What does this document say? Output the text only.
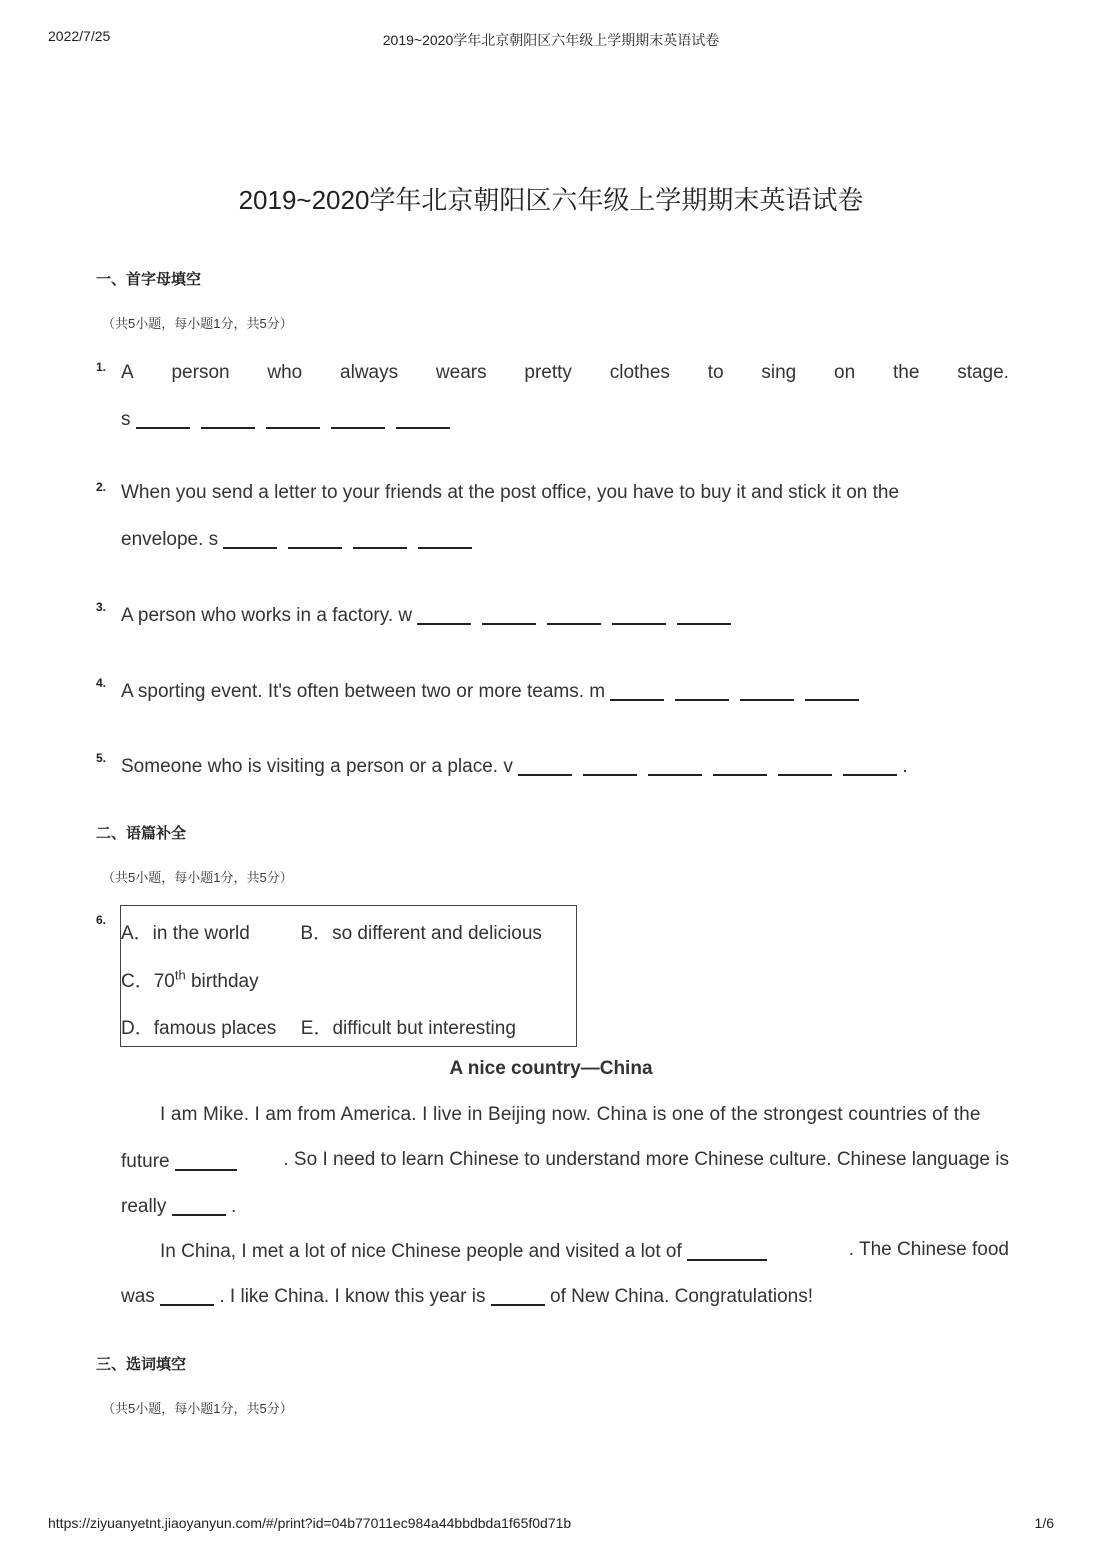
2022/7/25	2019~2020学年北京朝阳区六年级上学期期末英语试卷
2019~2020学年北京朝阳区六年级上学期期末英语试卷
一、首字母填空
（共5小题，每小题1分，共5分）
1. A person who always wears pretty clothes to sing on the stage.
s
2. When you send a letter to your friends at the post office, you have to buy it and stick it on the
envelope. s
3. A person who works in a factory. w
4. A sporting event. It's often between two or more teams. m
5. Someone who is visiting a person or a place. v	.
二、语篇补全
（共5小题，每小题1分，共5分）
6.
A．in the world	B．so different and delicious
C．70th birthday
D．famous places E．difficult but interesting
A nice country—China
I am Mike. I am from America. I live in Beijing now. China is one of the strongest countries of the
future	. So I need to learn Chinese to understand more Chinese culture. Chinese language is
really	.
In China, I met a lot of nice Chinese people and visited a lot of	. The Chinese food
was	. I like China. I know this year is	of New China. Congratulations!
三、选词填空
（共5小题，每小题1分，共5分）
https://ziyuanyetnt.jiaoyanyun.com/#/print?id=04b77011ec984a44bbdbda1f65f0d71b	1/6
